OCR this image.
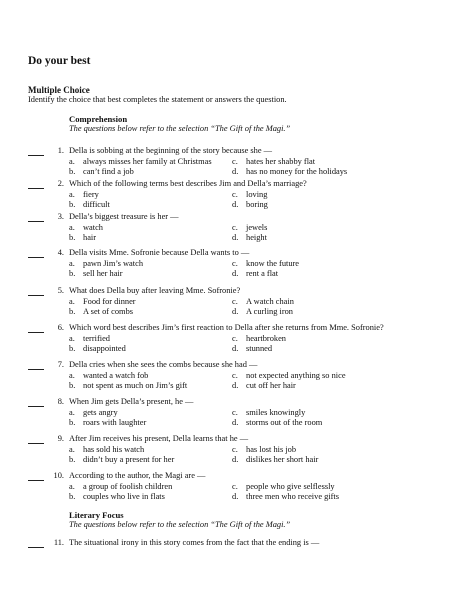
Do your best
Multiple Choice
Identify the choice that best completes the statement or answers the question.
Comprehension
The questions below refer to the selection “The Gift of the Magi.”
1. Della is sobbing at the beginning of the story because she —
a. always misses her family at Christmas c. hates her shabby flat
b. can’t find a job	d. has no money for the holidays
2. Which of the following terms best describes Jim and Della’s marriage?
a. fiery	c. loving
b. difficult	d. boring
3. Della’s biggest treasure is her —
a. watch	c. jewels
b. hair	d. height
4. Della visits Mme. Sofronie because Della wants to —
a. pawn Jim’s watch	c. know the future
b. sell her hair	d. rent a flat
5. What does Della buy after leaving Mme. Sofronie?
a. Food for dinner	c. A watch chain
b. A set of combs	d. A curling iron
6. Which word best describes Jim’s first reaction to Della after she returns from Mme. Sofronie?
a. terrified	c. heartbroken
b. disappointed	d. stunned
7. Della cries when she sees the combs because she had —
a. wanted a watch fob	c. not expected anything so nice
b. not spent as much on Jim’s gift	d. cut off her hair
8. When Jim gets Della’s present, he —
a. gets angry	c. smiles knowingly
b. roars with laughter	d. storms out of the room
9. After Jim receives his present, Della learns that he —
a. has sold his watch	c. has lost his job
b. didn’t buy a present for her	d. dislikes her short hair
10. According to the author, the Magi are —
a. a group of foolish children	c. people who give selflessly
b. couples who live in flats	d. three men who receive gifts
Literary Focus
The questions below refer to the selection “The Gift of the Magi.”
11. The situational irony in this story comes from the fact that the ending is —
